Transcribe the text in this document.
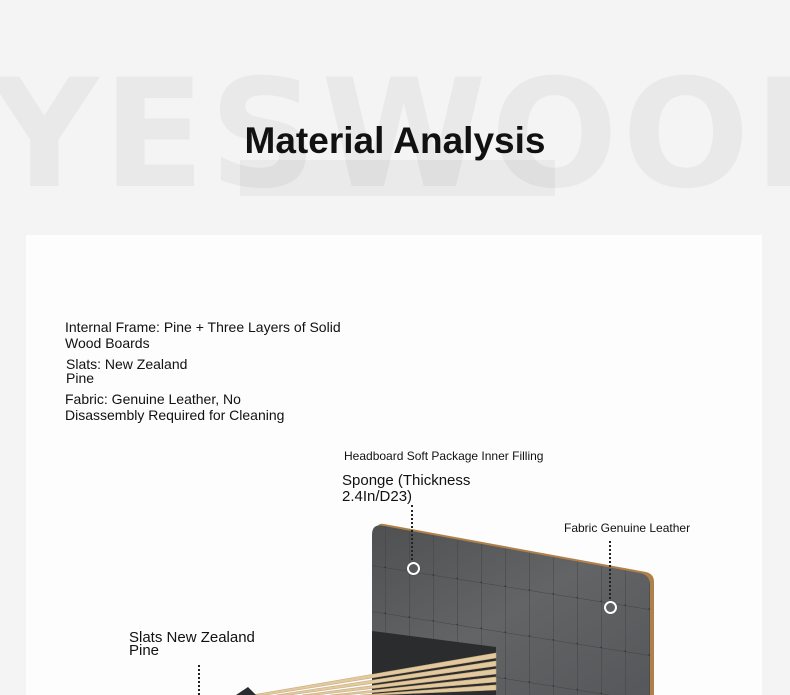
Material Analysis

Internal Frame: Pine + Three Layers of Solid Wood Boards

Slats: New Zealand Pine

Fabric: Genuine Leather, No Disassembly Required for Cleaning

Headboard Soft Package Inner Filling

Sponge (Thickness 2.4In/D23)

Fabric Genuine Leather

Slats New Zealand Pine
